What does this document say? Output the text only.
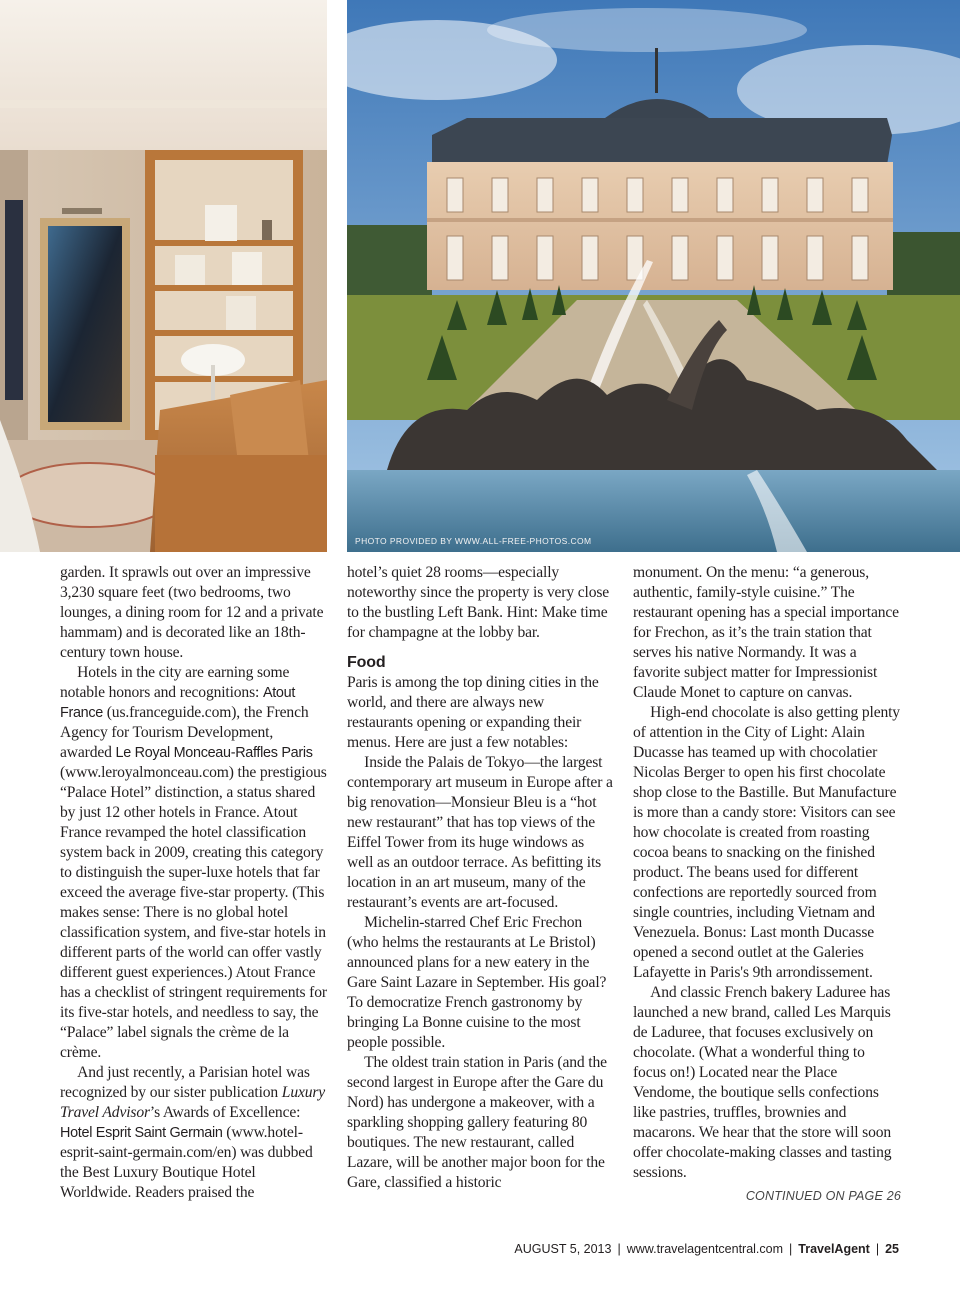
PHOTO PROVIDED BY WWW.ALL-FREE-PHOTOS.COM

garden. It sprawls out over an impressive 3,230 square feet (two bedrooms, two lounges, a dining room for 12 and a private hammam) and is decorated like an 18th-century town house.

Hotels in the city are earning some notable honors and recognitions: Atout France (us.franceguide.com), the French Agency for Tourism Development, awarded Le Royal Monceau-Raffles Paris (www.leroyalmonceau.com) the prestigious “Palace Hotel” distinction, a status shared by just 12 other hotels in France. Atout France revamped the hotel classification system back in 2009, creating this category to distinguish the super-luxe hotels that far exceed the average five-star property. (This makes sense: There is no global hotel classification system, and five-star hotels in different parts of the world can offer vastly different guest experiences.) Atout France has a checklist of stringent requirements for its five-star hotels, and needless to say, the “Palace” label signals the crème de la crème.

And just recently, a Parisian hotel was recognized by our sister publication Luxury Travel Advisor’s Awards of Excellence: Hotel Esprit Saint Germain (www.hotel-esprit-saint-germain.com/en) was dubbed the Best Luxury Boutique Hotel Worldwide. Readers praised the

hotel’s quiet 28 rooms—especially noteworthy since the property is very close to the bustling Left Bank. Hint: Make time for champagne at the lobby bar.

Food

Paris is among the top dining cities in the world, and there are always new restaurants opening or expanding their menus. Here are just a few notables:

Inside the Palais de Tokyo—the largest contemporary art museum in Europe after a big renovation—Monsieur Bleu is a “hot new restaurant” that has top views of the Eiffel Tower from its huge windows as well as an outdoor terrace. As befitting its location in an art museum, many of the restaurant’s events are art-focused.

Michelin-starred Chef Eric Frechon (who helms the restaurants at Le Bristol) announced plans for a new eatery in the Gare Saint Lazare in September. His goal? To democratize French gastronomy by bringing La Bonne cuisine to the most people possible.

The oldest train station in Paris (and the second largest in Europe after the Gare du Nord) has undergone a makeover, with a sparkling shopping gallery featuring 80 boutiques. The new restaurant, called Lazare, will be another major boon for the Gare, classified a historic

monument. On the menu: “a generous, authentic, family-style cuisine.” The restaurant opening has a special importance for Frechon, as it’s the train station that serves his native Normandy. It was a favorite subject matter for Impressionist Claude Monet to capture on canvas.

High-end chocolate is also getting plenty of attention in the City of Light: Alain Ducasse has teamed up with chocolatier Nicolas Berger to open his first chocolate shop close to the Bastille. But Manufacture is more than a candy store: Visitors can see how chocolate is created from roasting cocoa beans to snacking on the finished product. The beans used for different confections are reportedly sourced from single countries, including Vietnam and Venezuela. Bonus: Last month Ducasse opened a second outlet at the Galeries Lafayette in Paris's 9th arrondissement.

And classic French bakery Laduree has launched a new brand, called Les Marquis de Laduree, that focuses exclusively on chocolate. (What a wonderful thing to focus on!) Located near the Place Vendome, the boutique sells confections like pastries, truffles, brownies and macarons. We hear that the store will soon offer chocolate-making classes and tasting sessions.

CONTINUED ON PAGE 26
AUGUST 5, 2013 | www.travelagentcentral.com | TravelAgent | 25
